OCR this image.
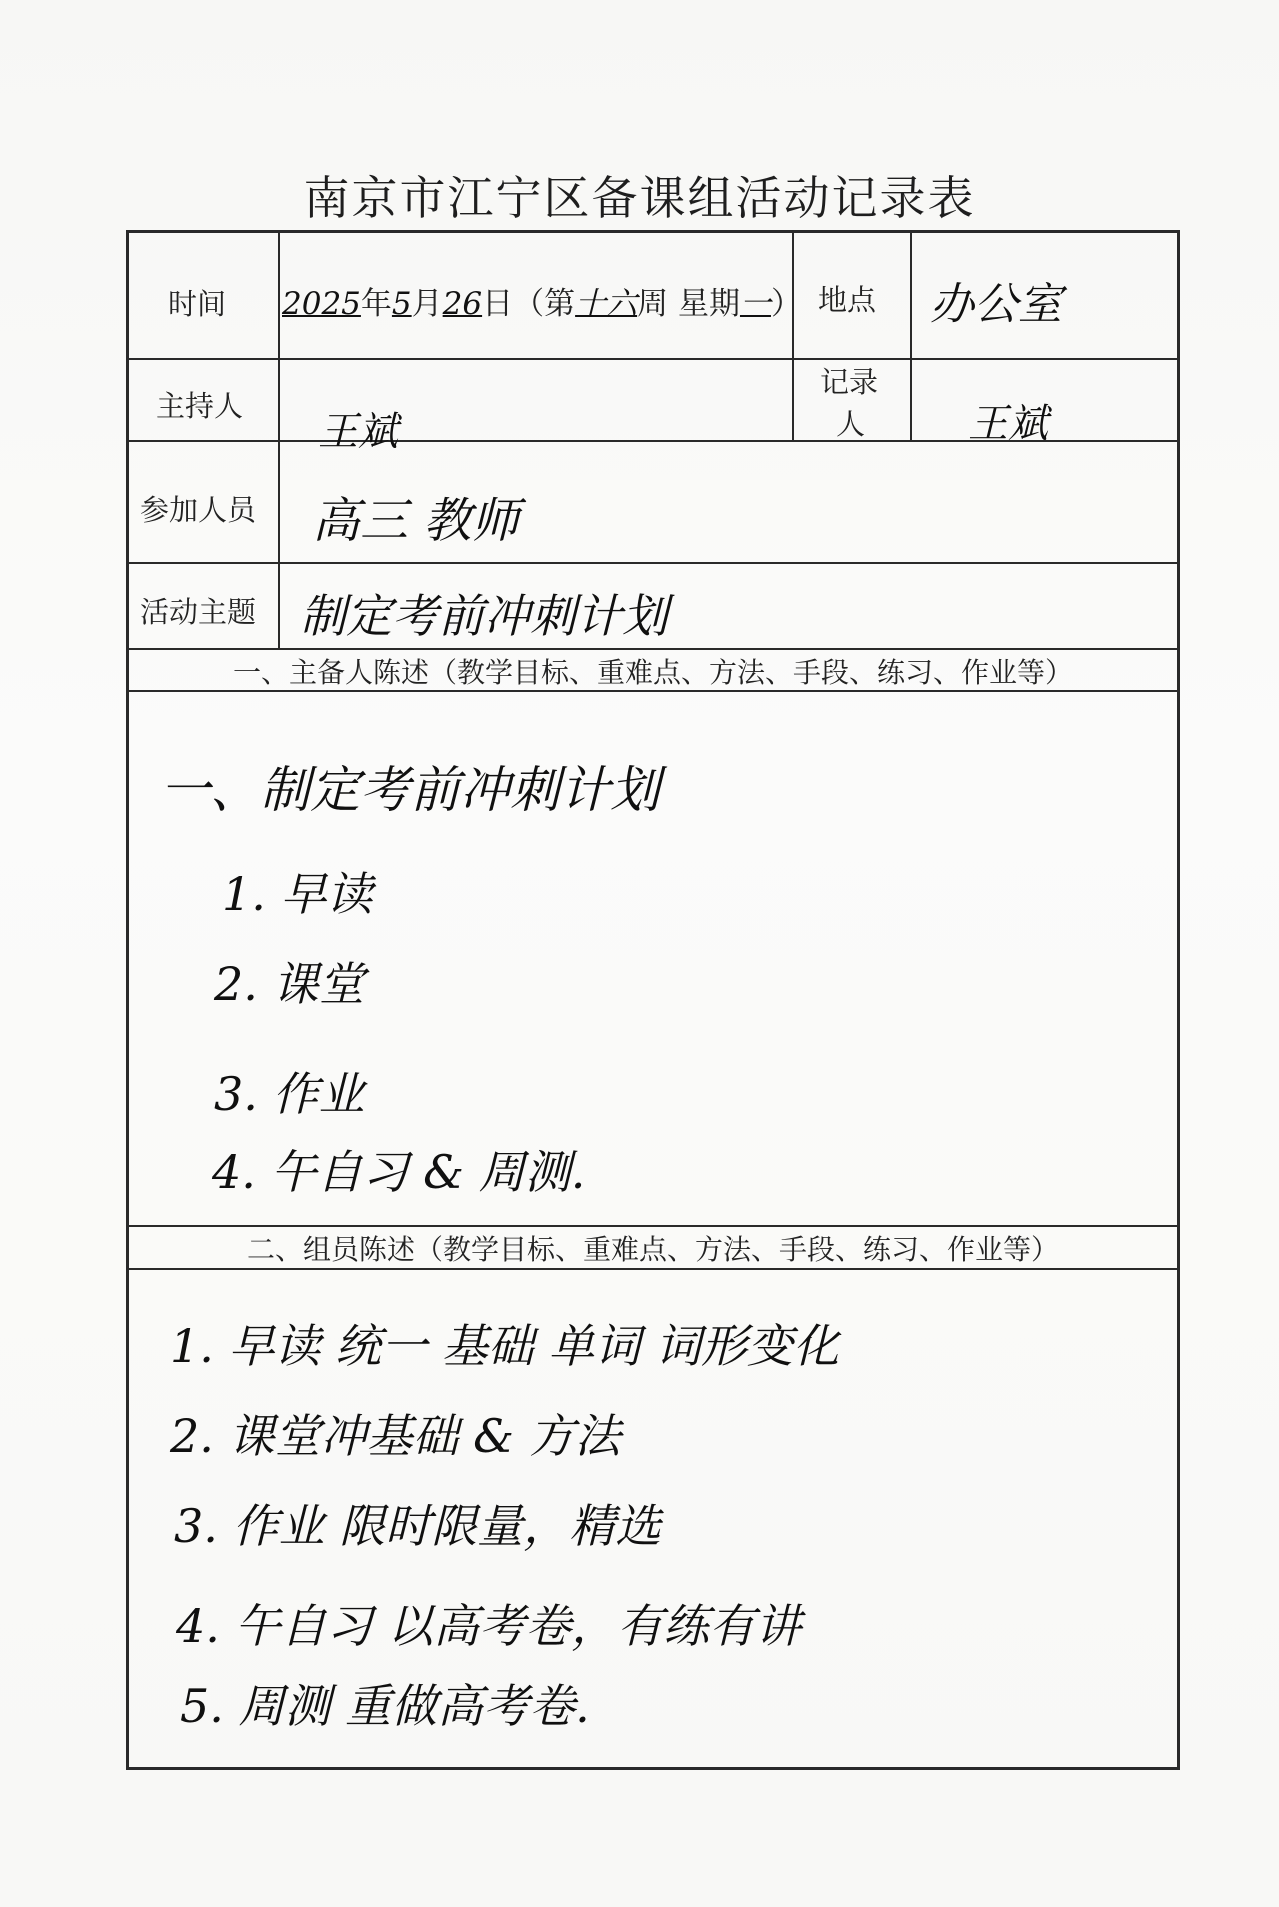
南京市江宁区备课组活动记录表
时间 2025年5月26日（第十六周 星期一） 地点 办公室
主持人
王斌
记录
人	王斌
参加人员 高三 教师
活动主题 制定考前冲刺计划
一、主备人陈述（教学目标、重难点、方法、手段、练习、作业等）
一、制定考前冲刺计划
1. 早读
2. 课堂
3. 作业
4. 午自习 & 周测.
二、组员陈述（教学目标、重难点、方法、手段、练习、作业等）
1. 早读 统一 基础 单词 词形变化
2. 课堂冲基础 & 方法
3. 作业 限时限量，精选
4. 午自习 以高考卷，有练有讲
5. 周测 重做高考卷.
